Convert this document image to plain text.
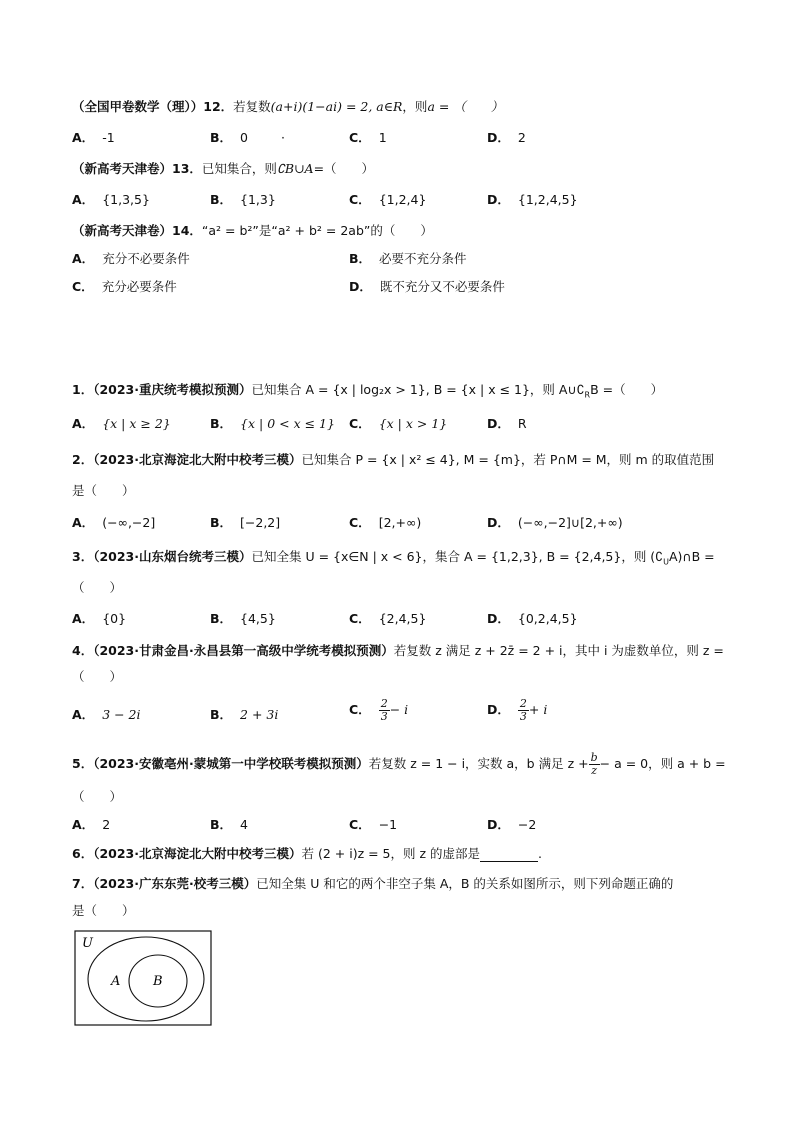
（全国甲卷数学（理））12．若复数(a+i)(1−ai) = 2, a∈R，则a = （　　）
A． -1	B． 0	·	C． 1	D． 2
（新高考天津卷）13．已知集合，则∁B∪A=（　　）
A． {1,3,5}	B． {1,3}	C． {1,2,4}	D． {1,2,4,5}
（新高考天津卷）14．“a² = b²”是“a² + b² = 2ab”的（　　）
A． 充分不必要条件	B． 必要不充分条件
C． 充分必要条件	D． 既不充分又不必要条件
1．（2023·重庆统考模拟预测）已知集合 A = {x | log₂x > 1}, B = {x | x ≤ 1}，则 $A\cup∁_RB$ =（　　）
A． {x | x ≥ 2}	B． {x | 0 < x ≤ 1} C． {x | x > 1}	D． R
2．（2023·北京海淀北大附中校考三模）已知集合 P = {x | x² ≤ 4}, M = {m}，若 P∩M = M，则 m 的取值范围
是（　　）
A． (−∞,−2]	B． [−2,2]	C． [2,+∞)	D． (−∞,−2]∪[2,+∞)
3．（2023·山东烟台统考三模）已知全集 U = {x∈N | x < 6}，集合 A = {1,2,3}, B = {2,4,5}，则 $(∁_UA)\cap B$ =
（　　）
A． {0}	B． {4,5}	C． {2,4,5}	D． {0,2,4,5}
4．（2023·甘肃金昌·永昌县第一高级中学统考模拟预测）若复数 z 满足 z + 2z̄ = 2 + i，其中 i 为虚数单位，则 z =
（　　）
A． 3 − 2i	B． 2 + 3i	C． $\frac{2}{3} - i$	D． $\frac{2}{3} + i$
5．（2023·安徽亳州·蒙城第一中学校联考模拟预测）若复数 z = 1 − i，实数 a，b 满足 $z + \frac{b}{z} - a = 0$，则 a + b =
（　　）
A． 2	B． 4	C． −1	D． −2
6．（2023·北京海淀北大附中校考三模）若 (2 + i)z = 5，则 z 的虚部是	.
7．（2023·广东东莞·校考三模）已知全集 U 和它的两个非空子集 A，B 的关系如图所示，则下列命题正确的
是（　　）
U
A	B
